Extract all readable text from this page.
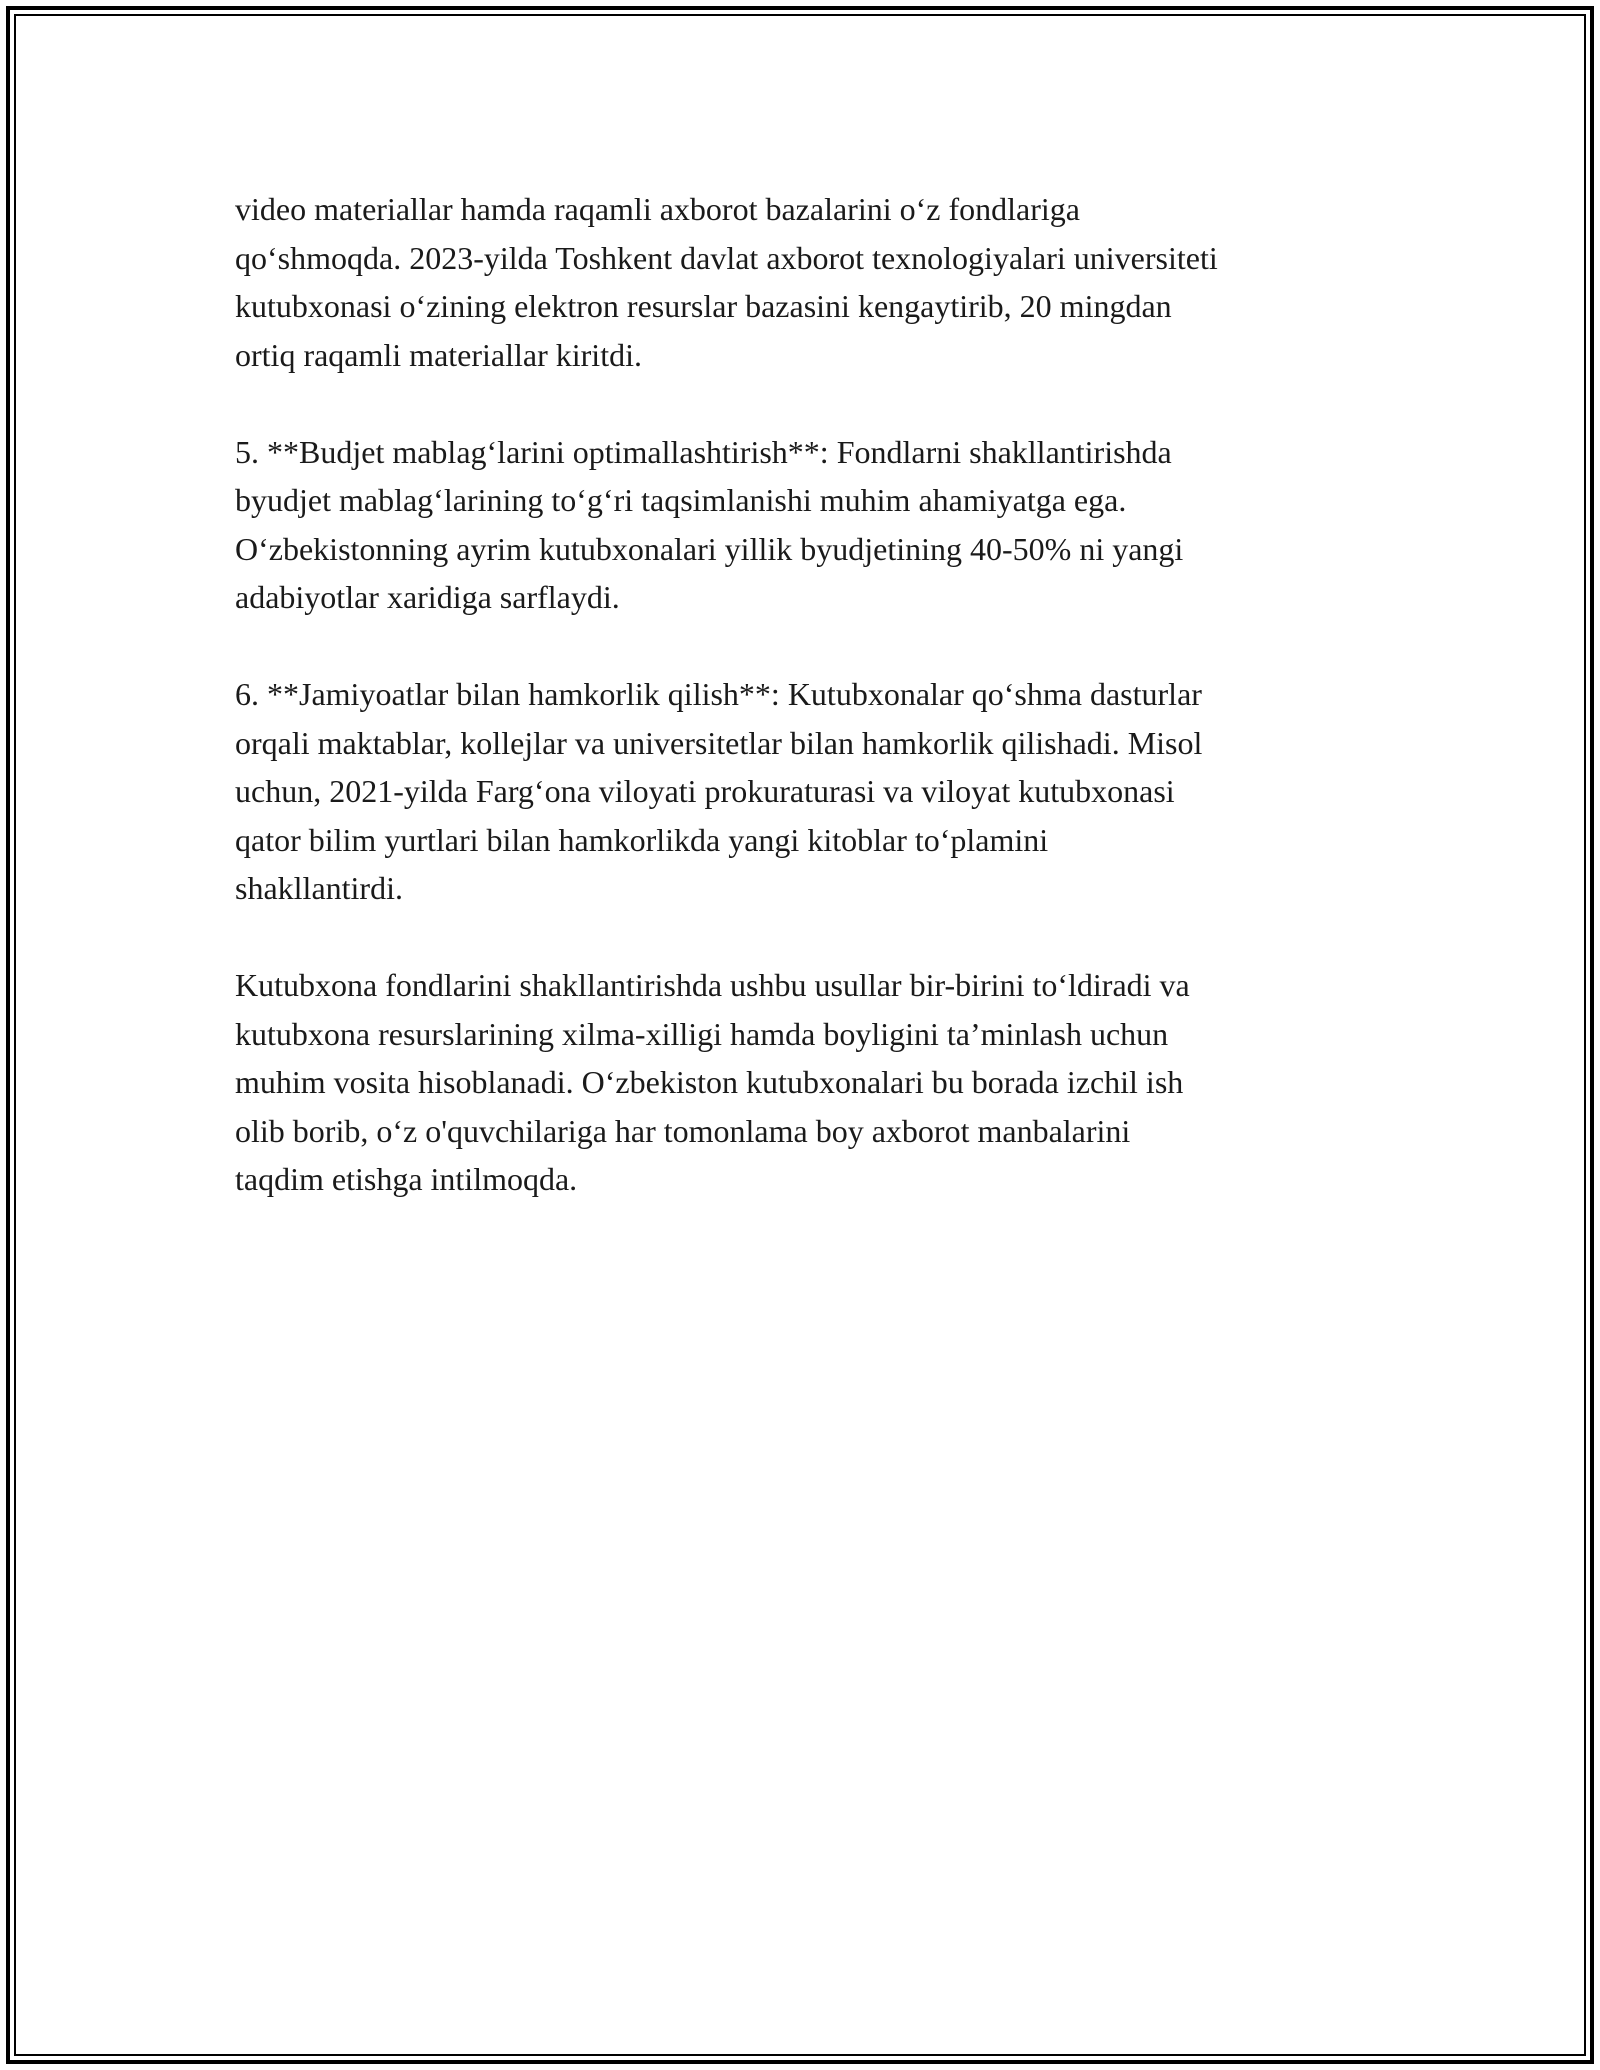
video materiallar hamda raqamli axborot bazalarini o‘z fondlariga
qo‘shmoqda. 2023-yilda Toshkent davlat axborot texnologiyalari universiteti
kutubxonasi o‘zining elektron resurslar bazasini kengaytirib, 20 mingdan
ortiq raqamli materiallar kiritdi.

5. **Budjet mablag‘larini optimallashtirish**: Fondlarni shakllantirishda
byudjet mablag‘larining to‘g‘ri taqsimlanishi muhim ahamiyatga ega.
O‘zbekistonning ayrim kutubxonalari yillik byudjetining 40-50% ni yangi
adabiyotlar xaridiga sarflaydi.

6. **Jamiyoatlar bilan hamkorlik qilish**: Kutubxonalar qo‘shma dasturlar
orqali maktablar, kollejlar va universitetlar bilan hamkorlik qilishadi. Misol
uchun, 2021-yilda Farg‘ona viloyati prokuraturasi va viloyat kutubxonasi
qator bilim yurtlari bilan hamkorlikda yangi kitoblar to‘plamini
shakllantirdi.

Kutubxona fondlarini shakllantirishda ushbu usullar bir-birini to‘ldiradi va
kutubxona resurslarining xilma-xilligi hamda boyligini ta’minlash uchun
muhim vosita hisoblanadi. O‘zbekiston kutubxonalari bu borada izchil ish
olib borib, o‘z o'quvchilariga har tomonlama boy axborot manbalarini
taqdim etishga intilmoqda.
